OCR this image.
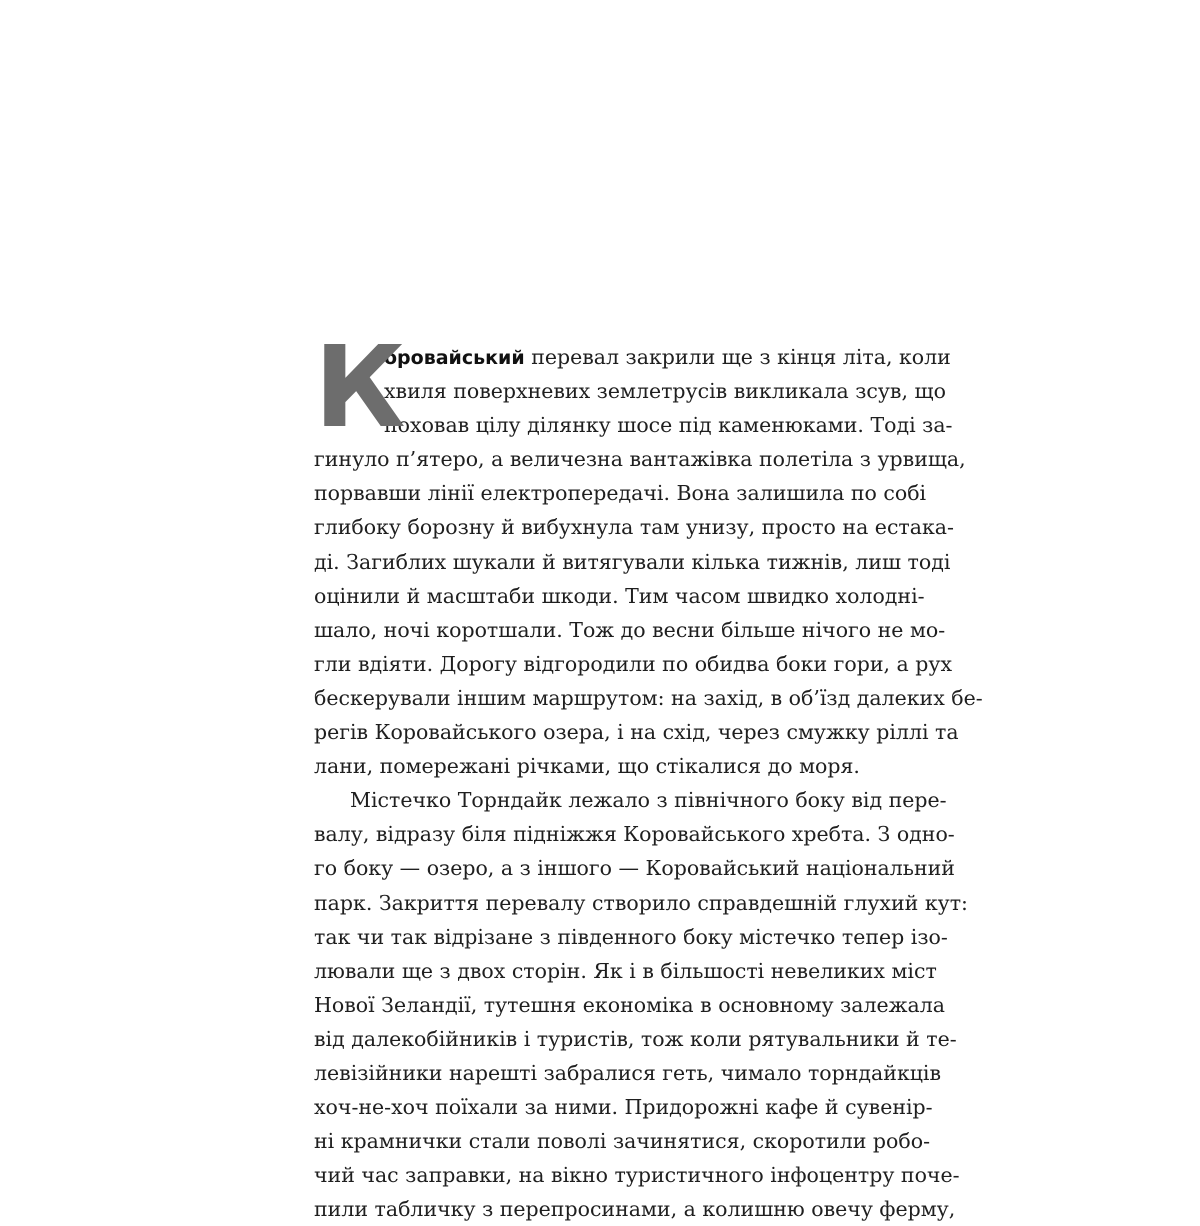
К
оровайський перевал закрили ще з кінця літа, коли
хвиля поверхневих землетрусів викликала зсув, що
поховав цілу ділянку шосе під каменюками. Тоді за-
гинуло п’ятеро, а величезна вантажівка полетіла з урвища,
порвавши лінії електропередачі. Вона залишила по собі
глибоку борозну й вибухнула там унизу, просто на естака-
ді. Загиблих шукали й витягували кілька тижнів, лиш тоді
оцінили й масштаби шкоди. Тим часом швидко холодні-
шало, ночі коротшали. Тож до весни більше нічого не мо-
гли вдіяти. Дорогу відгородили по обидва боки гори, а рух
бескерували іншим маршрутом: на захід, в об’їзд далеких бе-
регів Коровайського озера, і на схід, через смужку ріллі та
лани, помережані річками, що стікалися до моря.
Містечко Торндайк лежало з північного боку від пере-
валу, відразу біля підніжжя Коровайського хребта. З одно-
го боку — озеро, а з іншого — Коровайський національний
парк. Закриття перевалу створило справдешній глухий кут:
так чи так відрізане з південного боку містечко тепер ізо-
лювали ще з двох сторін. Як і в більшості невеликих міст
Нової Зеландії, тутешня економіка в основному залежала
від далекобійників і туристів, тож коли рятувальники й те-
левізійники нарешті забралися геть, чимало торндайкців
хоч-не-хоч поїхали за ними. Придорожні кафе й сувенір-
ні крамнички стали поволі зачинятися, скоротили робо-
чий час заправки, на вікно туристичного інфоцентру поче-
пили табличку з перепросинами, а колишню овечу ферму,
